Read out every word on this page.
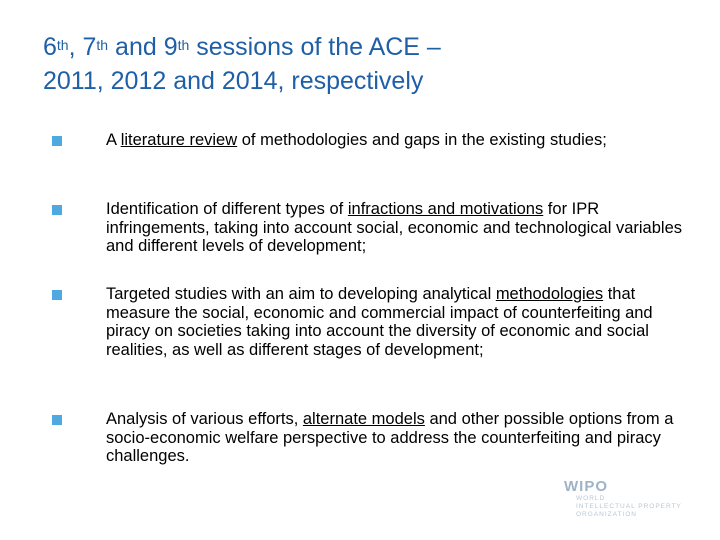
6th, 7th and 9th sessions of the ACE –
2011, 2012 and 2014, respectively
A literature review of methodologies and gaps in the existing studies;
Identification of different types of infractions and motivations for IPR infringements, taking into account social, economic and technological variables and different levels of development;
Targeted studies with an aim to developing analytical methodologies that measure the social, economic and commercial impact of counterfeiting and piracy on societies taking into account the diversity of economic and social realities, as well as different stages of development;
Analysis of various efforts, alternate models and other possible options from a socio-economic welfare perspective to address the counterfeiting and piracy challenges.
WIPO
WORLD
INTELLECTUAL PROPERTY
ORGANIZATION
